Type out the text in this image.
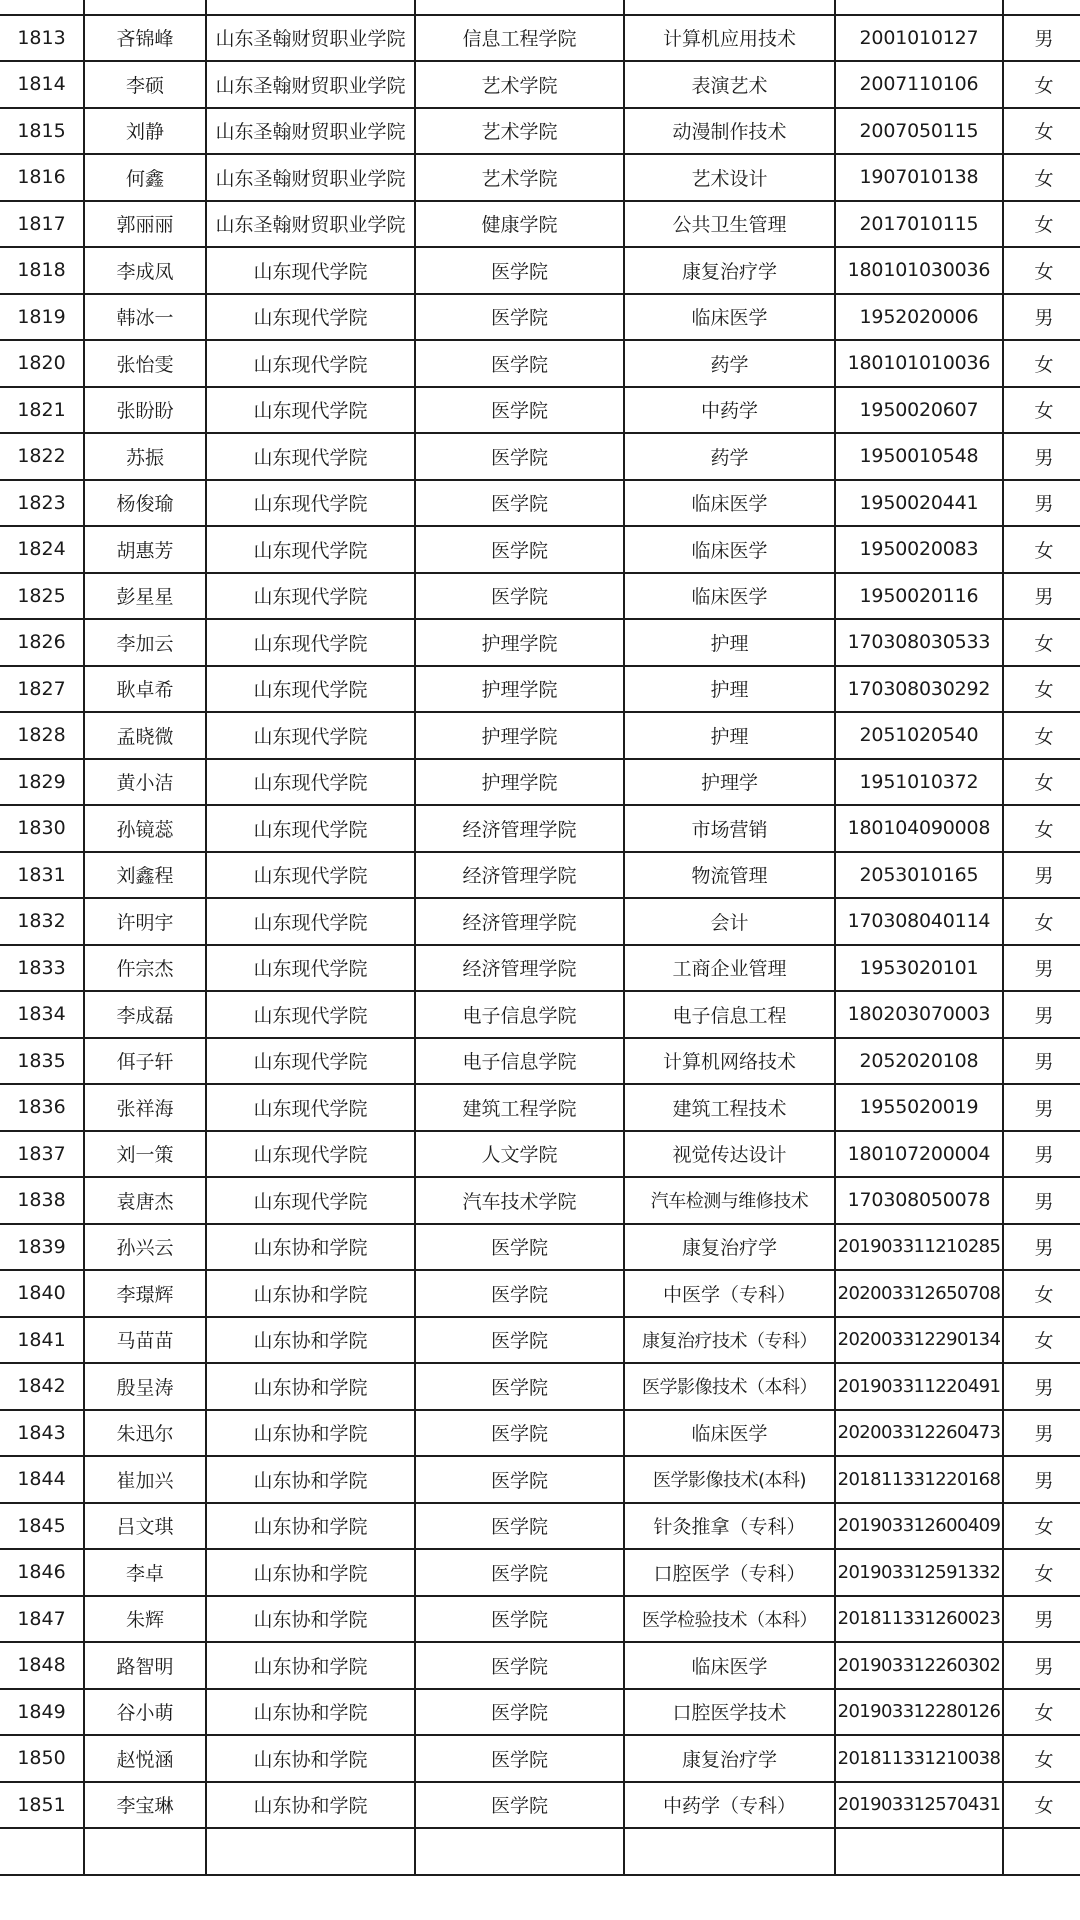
1813	吝锦峰	山东圣翰财贸职业学院	信息工程学院	计算机应用技术	2001010127	男
1814	李硕	山东圣翰财贸职业学院	艺术学院	表演艺术	2007110106	女
1815	刘静	山东圣翰财贸职业学院	艺术学院	动漫制作技术	2007050115	女
1816	何鑫	山东圣翰财贸职业学院	艺术学院	艺术设计	1907010138	女
1817	郭丽丽	山东圣翰财贸职业学院	健康学院	公共卫生管理	2017010115	女
1818	李成凤	山东现代学院	医学院	康复治疗学	180101030036	女
1819	韩冰一	山东现代学院	医学院	临床医学	1952020006	男
1820	张怡雯	山东现代学院	医学院	药学	180101010036	女
1821	张盼盼	山东现代学院	医学院	中药学	1950020607	女
1822	苏振	山东现代学院	医学院	药学	1950010548	男
1823	杨俊瑜	山东现代学院	医学院	临床医学	1950020441	男
1824	胡惠芳	山东现代学院	医学院	临床医学	1950020083	女
1825	彭星星	山东现代学院	医学院	临床医学	1950020116	男
1826	李加云	山东现代学院	护理学院	护理	170308030533	女
1827	耿卓希	山东现代学院	护理学院	护理	170308030292	女
1828	孟晓微	山东现代学院	护理学院	护理	2051020540	女
1829	黄小洁	山东现代学院	护理学院	护理学	1951010372	女
1830	孙镜蕊	山东现代学院	经济管理学院	市场营销	180104090008	女
1831	刘鑫程	山东现代学院	经济管理学院	物流管理	2053010165	男
1832	许明宇	山东现代学院	经济管理学院	会计	170308040114	女
1833	仵宗杰	山东现代学院	经济管理学院	工商企业管理	1953020101	男
1834	李成磊	山东现代学院	电子信息学院	电子信息工程	180203070003	男
1835	佴子轩	山东现代学院	电子信息学院	计算机网络技术	2052020108	男
1836	张祥海	山东现代学院	建筑工程学院	建筑工程技术	1955020019	男
1837	刘一策	山东现代学院	人文学院	视觉传达设计	180107200004	男
1838	袁唐杰	山东现代学院	汽车技术学院	汽车检测与维修技术	170308050078	男
1839	孙兴云	山东协和学院	医学院	康复治疗学	201903311210285	男
1840	李璟辉	山东协和学院	医学院	中医学（专科）	202003312650708	女
1841	马苗苗	山东协和学院	医学院	康复治疗技术（专科）	202003312290134	女
1842	殷呈涛	山东协和学院	医学院	医学影像技术（本科）	201903311220491	男
1843	朱迅尔	山东协和学院	医学院	临床医学	202003312260473	男
1844	崔加兴	山东协和学院	医学院	医学影像技术(本科)	201811331220168	男
1845	吕文琪	山东协和学院	医学院	针灸推拿（专科）	201903312600409	女
1846	李卓	山东协和学院	医学院	口腔医学（专科）	201903312591332	女
1847	朱辉	山东协和学院	医学院	医学检验技术（本科）	201811331260023	男
1848	路智明	山东协和学院	医学院	临床医学	201903312260302	男
1849	谷小萌	山东协和学院	医学院	口腔医学技术	201903312280126	女
1850	赵悦涵	山东协和学院	医学院	康复治疗学	201811331210038	女
1851	李宝琳	山东协和学院	医学院	中药学（专科）	201903312570431	女
